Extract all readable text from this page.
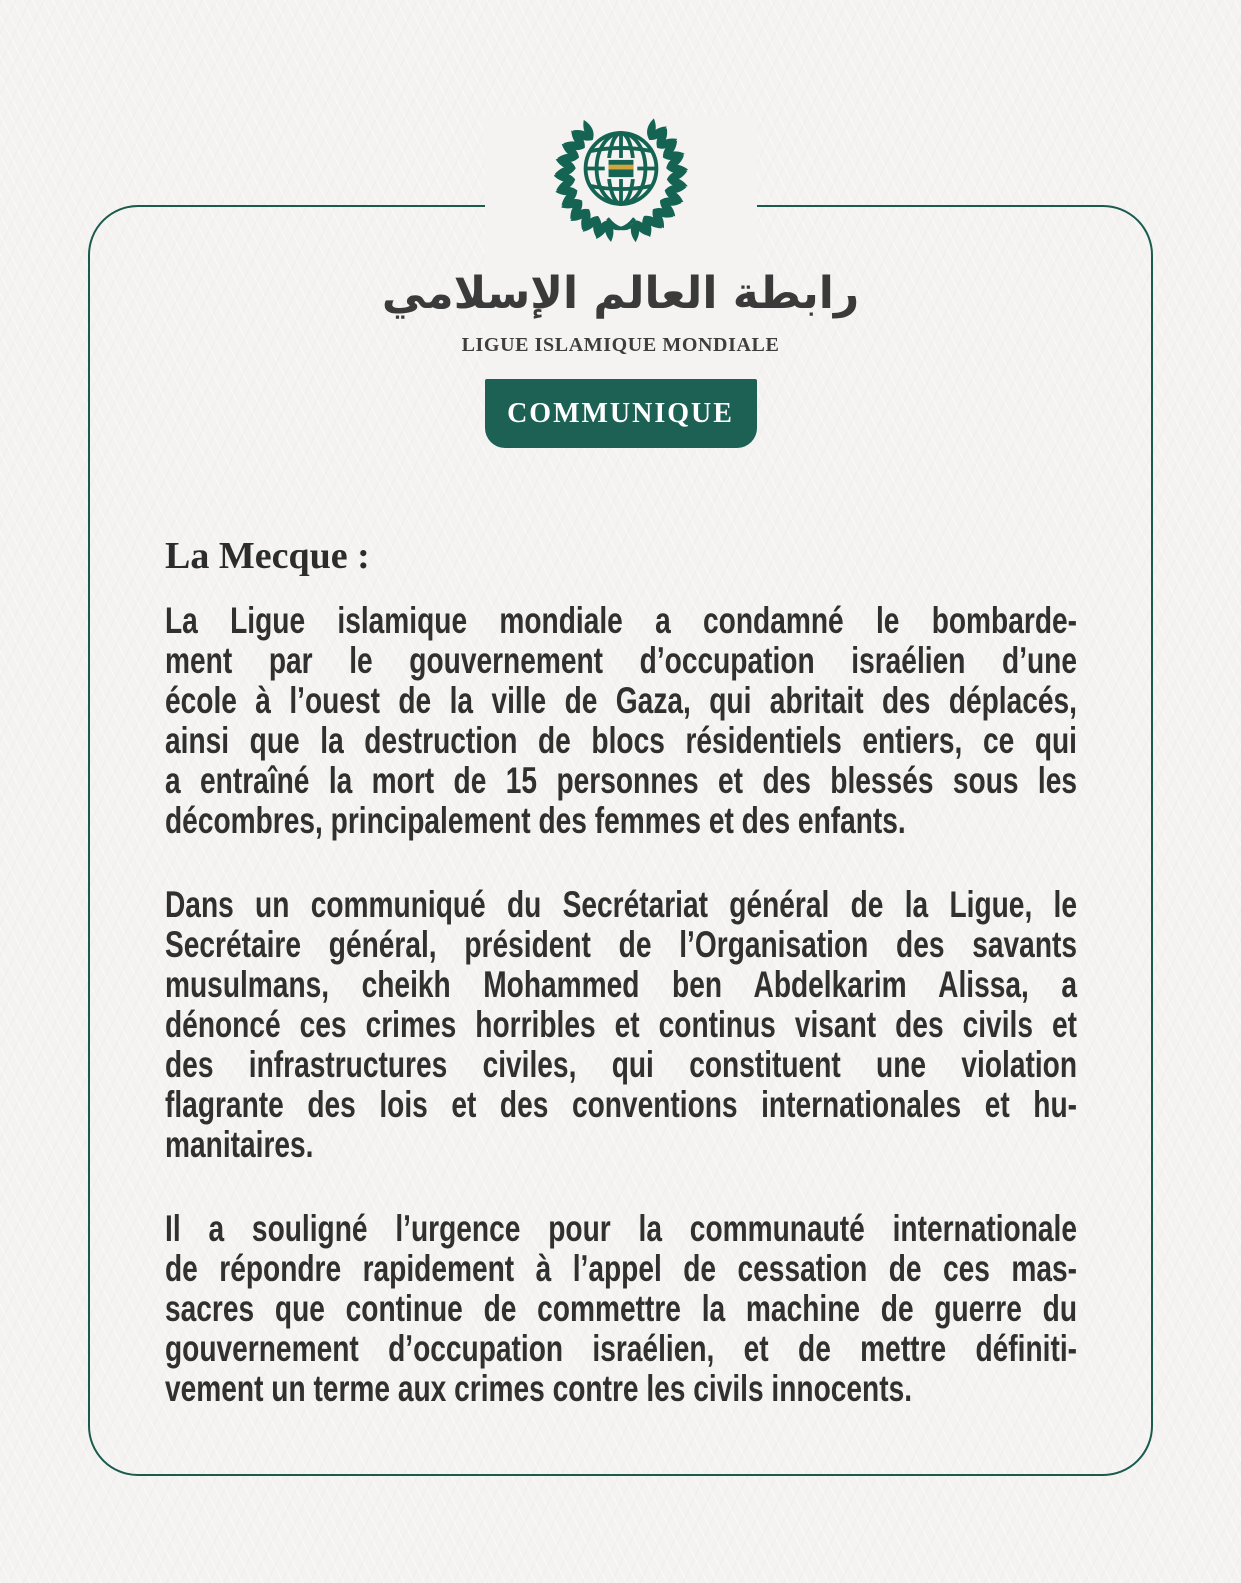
رابطة العالم الإسلامي
LIGUE ISLAMIQUE MONDIALE
COMMUNIQUE
La Mecque :

La Ligue islamique mondiale a condamné le bombarde-
ment par le gouvernement d’occupation israélien d’une
école à l’ouest de la ville de Gaza, qui abritait des déplacés,
ainsi que la destruction de blocs résidentiels entiers, ce qui
a entraîné la mort de 15 personnes et des blessés sous les
décombres, principalement des femmes et des enfants.

Dans un communiqué du Secrétariat général de la Ligue, le
Secrétaire général, président de l’Organisation des savants
musulmans, cheikh Mohammed ben Abdelkarim Alissa, a
dénoncé ces crimes horribles et continus visant des civils et
des infrastructures civiles, qui constituent une violation
flagrante des lois et des conventions internationales et hu-
manitaires.

Il a souligné l’urgence pour la communauté internationale
de répondre rapidement à l’appel de cessation de ces mas-
sacres que continue de commettre la machine de guerre du
gouvernement d’occupation israélien, et de mettre définiti-
vement un terme aux crimes contre les civils innocents.
